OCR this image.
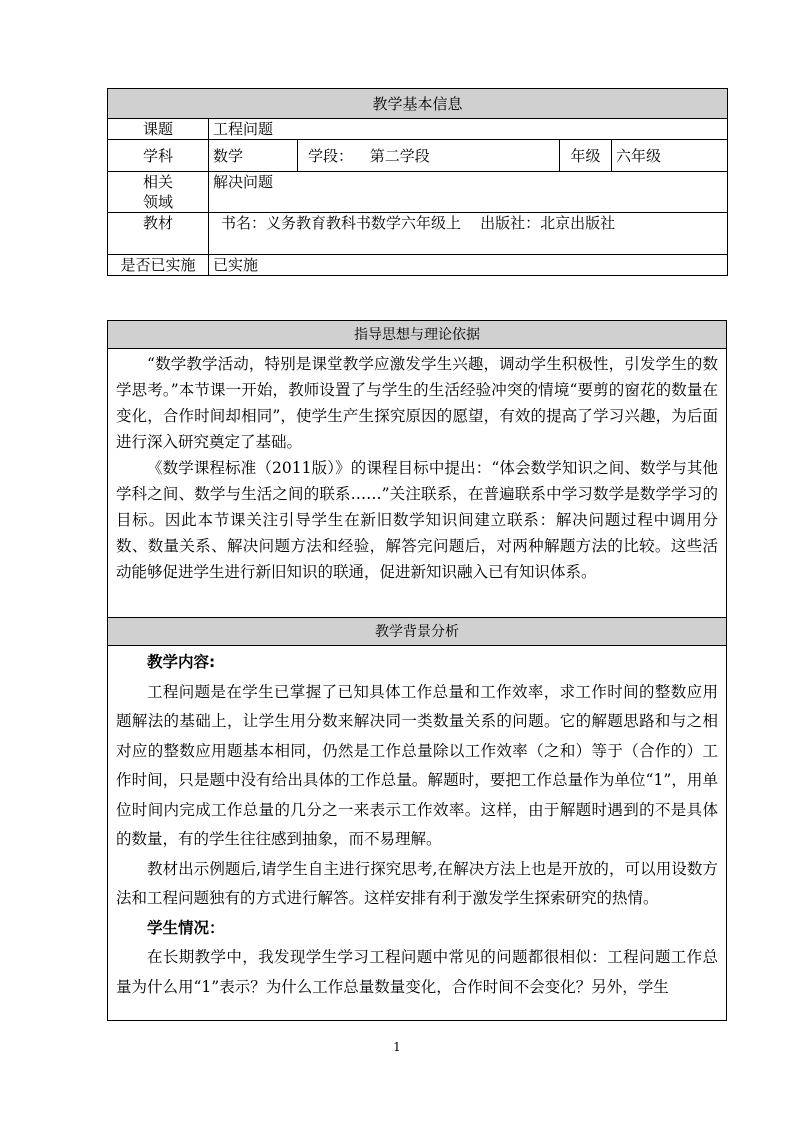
教学基本信息				
课题	工程问题			
学科	数学	学段： 第二学段	年级	六年级

相关
领域	解决问题			
教材	书名：义务教育教科书数学六年级上    出版社：北京出版社			
是否已实施	已实施			
指导思想与理论依据

“数学教学活动，特别是课堂教学应激发学生兴趣，调动学生积极性，引发学生的数学思考。”本节课一开始，教师设置了与学生的生活经验冲突的情境“要剪的窗花的数量在变化，合作时间却相同”，使学生产生探究原因的愿望，有效的提高了学习兴趣，为后面进行深入研究奠定了基础。

《数学课程标准（2011版）》的课程目标中提出：“体会数学知识之间、数学与其他学科之间、数学与生活之间的联系……”关注联系，在普遍联系中学习数学是数学学习的目标。因此本节课关注引导学生在新旧数学知识间建立联系：解决问题过程中调用分数、数量关系、解决问题方法和经验，解答完问题后，对两种解题方法的比较。这些活动能够促进学生进行新旧知识的联通，促进新知识融入已有知识体系。

教学背景分析

教学内容:

工程问题是在学生已掌握了已知具体工作总量和工作效率，求工作时间的整数应用题解法的基础上，让学生用分数来解决同一类数量关系的问题。它的解题思路和与之相对应的整数应用题基本相同，仍然是工作总量除以工作效率（之和）等于（合作的）工作时间，只是题中没有给出具体的工作总量。解题时，要把工作总量作为单位“1”，用单位时间内完成工作总量的几分之一来表示工作效率。这样，由于解题时遇到的不是具体的数量，有的学生往往感到抽象，而不易理解。

教材出示例题后,请学生自主进行探究思考,在解决方法上也是开放的，可以用设数方法和工程问题独有的方式进行解答。这样安排有利于激发学生探索研究的热情。

学生情况：

在长期教学中，我发现学生学习工程问题中常见的问题都很相似：工程问题工作总量为什么用“1”表示？为什么工作总量数量变化，合作时间不会变化？另外，学生

1
